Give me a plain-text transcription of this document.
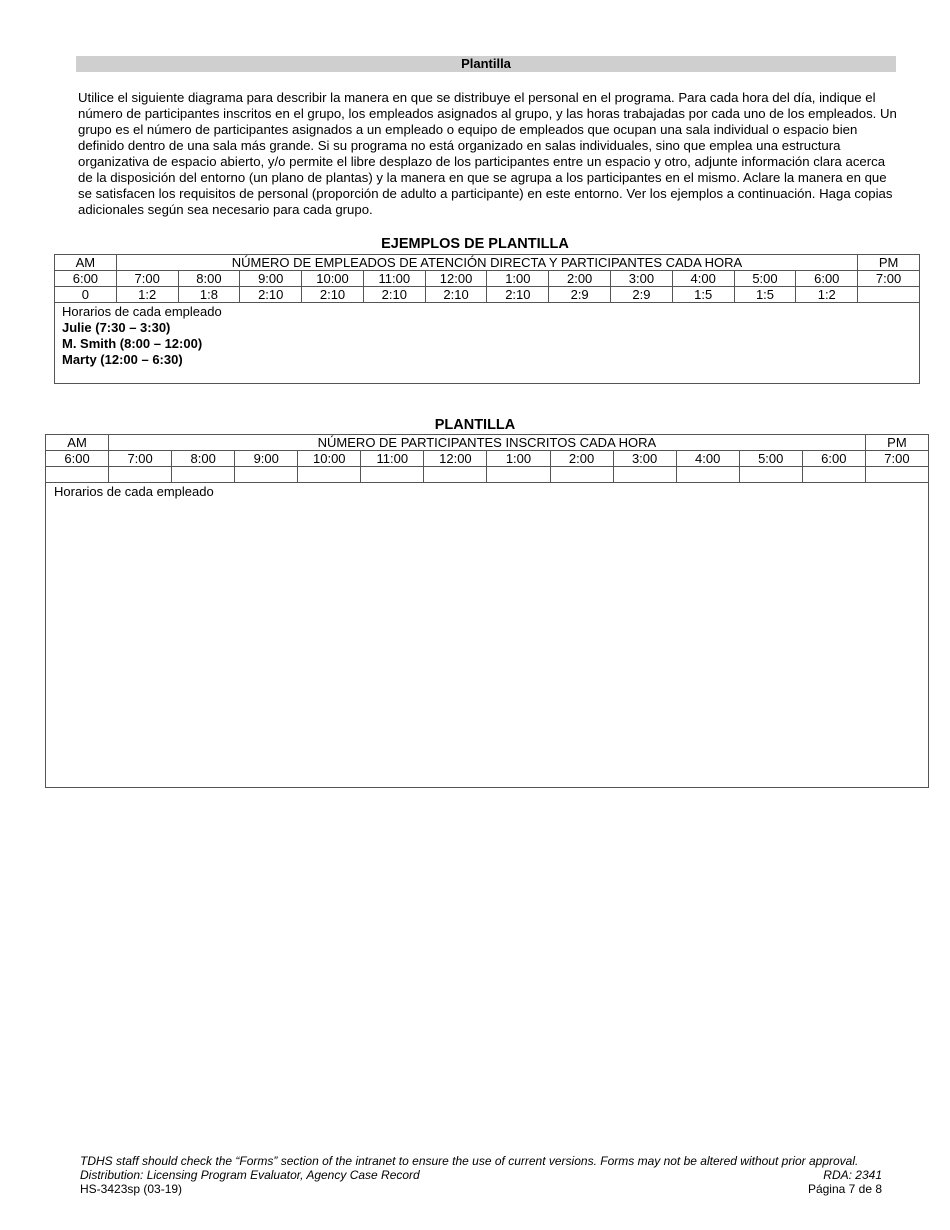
Plantilla

Utilice el siguiente diagrama para describir la manera en que se distribuye el personal en el programa. Para cada hora del día, indique el número de participantes inscritos en el grupo, los empleados asignados al grupo, y las horas trabajadas por cada uno de los empleados. Un grupo es el número de participantes asignados a un empleado o equipo de empleados que ocupan una sala individual o espacio bien definido dentro de una sala más grande. Si su programa no está organizado en salas individuales, sino que emplea una estructura organizativa de espacio abierto, y/o permite el libre desplazo de los participantes entre un espacio y otro, adjunte información clara acerca de la disposición del entorno (un plano de plantas) y la manera en que se agrupa a los participantes en el mismo. Aclare la manera en que se satisfacen los requisitos de personal (proporción de adulto a participante) en este entorno. Ver los ejemplos a continuación. Haga copias adicionales según sea necesario para cada grupo.

EJEMPLOS DE PLANTILLA
AM	NÚMERO DE EMPLEADOS DE ATENCIÓN DIRECTA Y PARTICIPANTES CADA HORA												PM
6:00	7:00	8:00	9:00	10:00	11:00	12:00	1:00	2:00	3:00	4:00	5:00	6:00	7:00
0	1:2	1:8	2:10	2:10	2:10	2:10	2:10	2:9	2:9	1:5	1:5	1:2	

Horarios de cada empleado
Julie (7:30 – 3:30)
M. Smith (8:00 – 12:00)
Marty (12:00 – 6:30)													
PLANTILLA
AM	NÚMERO DE PARTICIPANTES INSCRITOS CADA HORA												PM
6:00	7:00	8:00	9:00	10:00	11:00	12:00	1:00	2:00	3:00	4:00	5:00	6:00	7:00

Horarios de cada empleado													
TDHS staff should check the “Forms” section of the intranet to ensure the use of current versions. Forms may not be altered without prior approval.
Distribution: Licensing Program Evaluator, Agency Case Record	RDA: 2341
HS-3423sp (03-19)	Página 7 de 8
